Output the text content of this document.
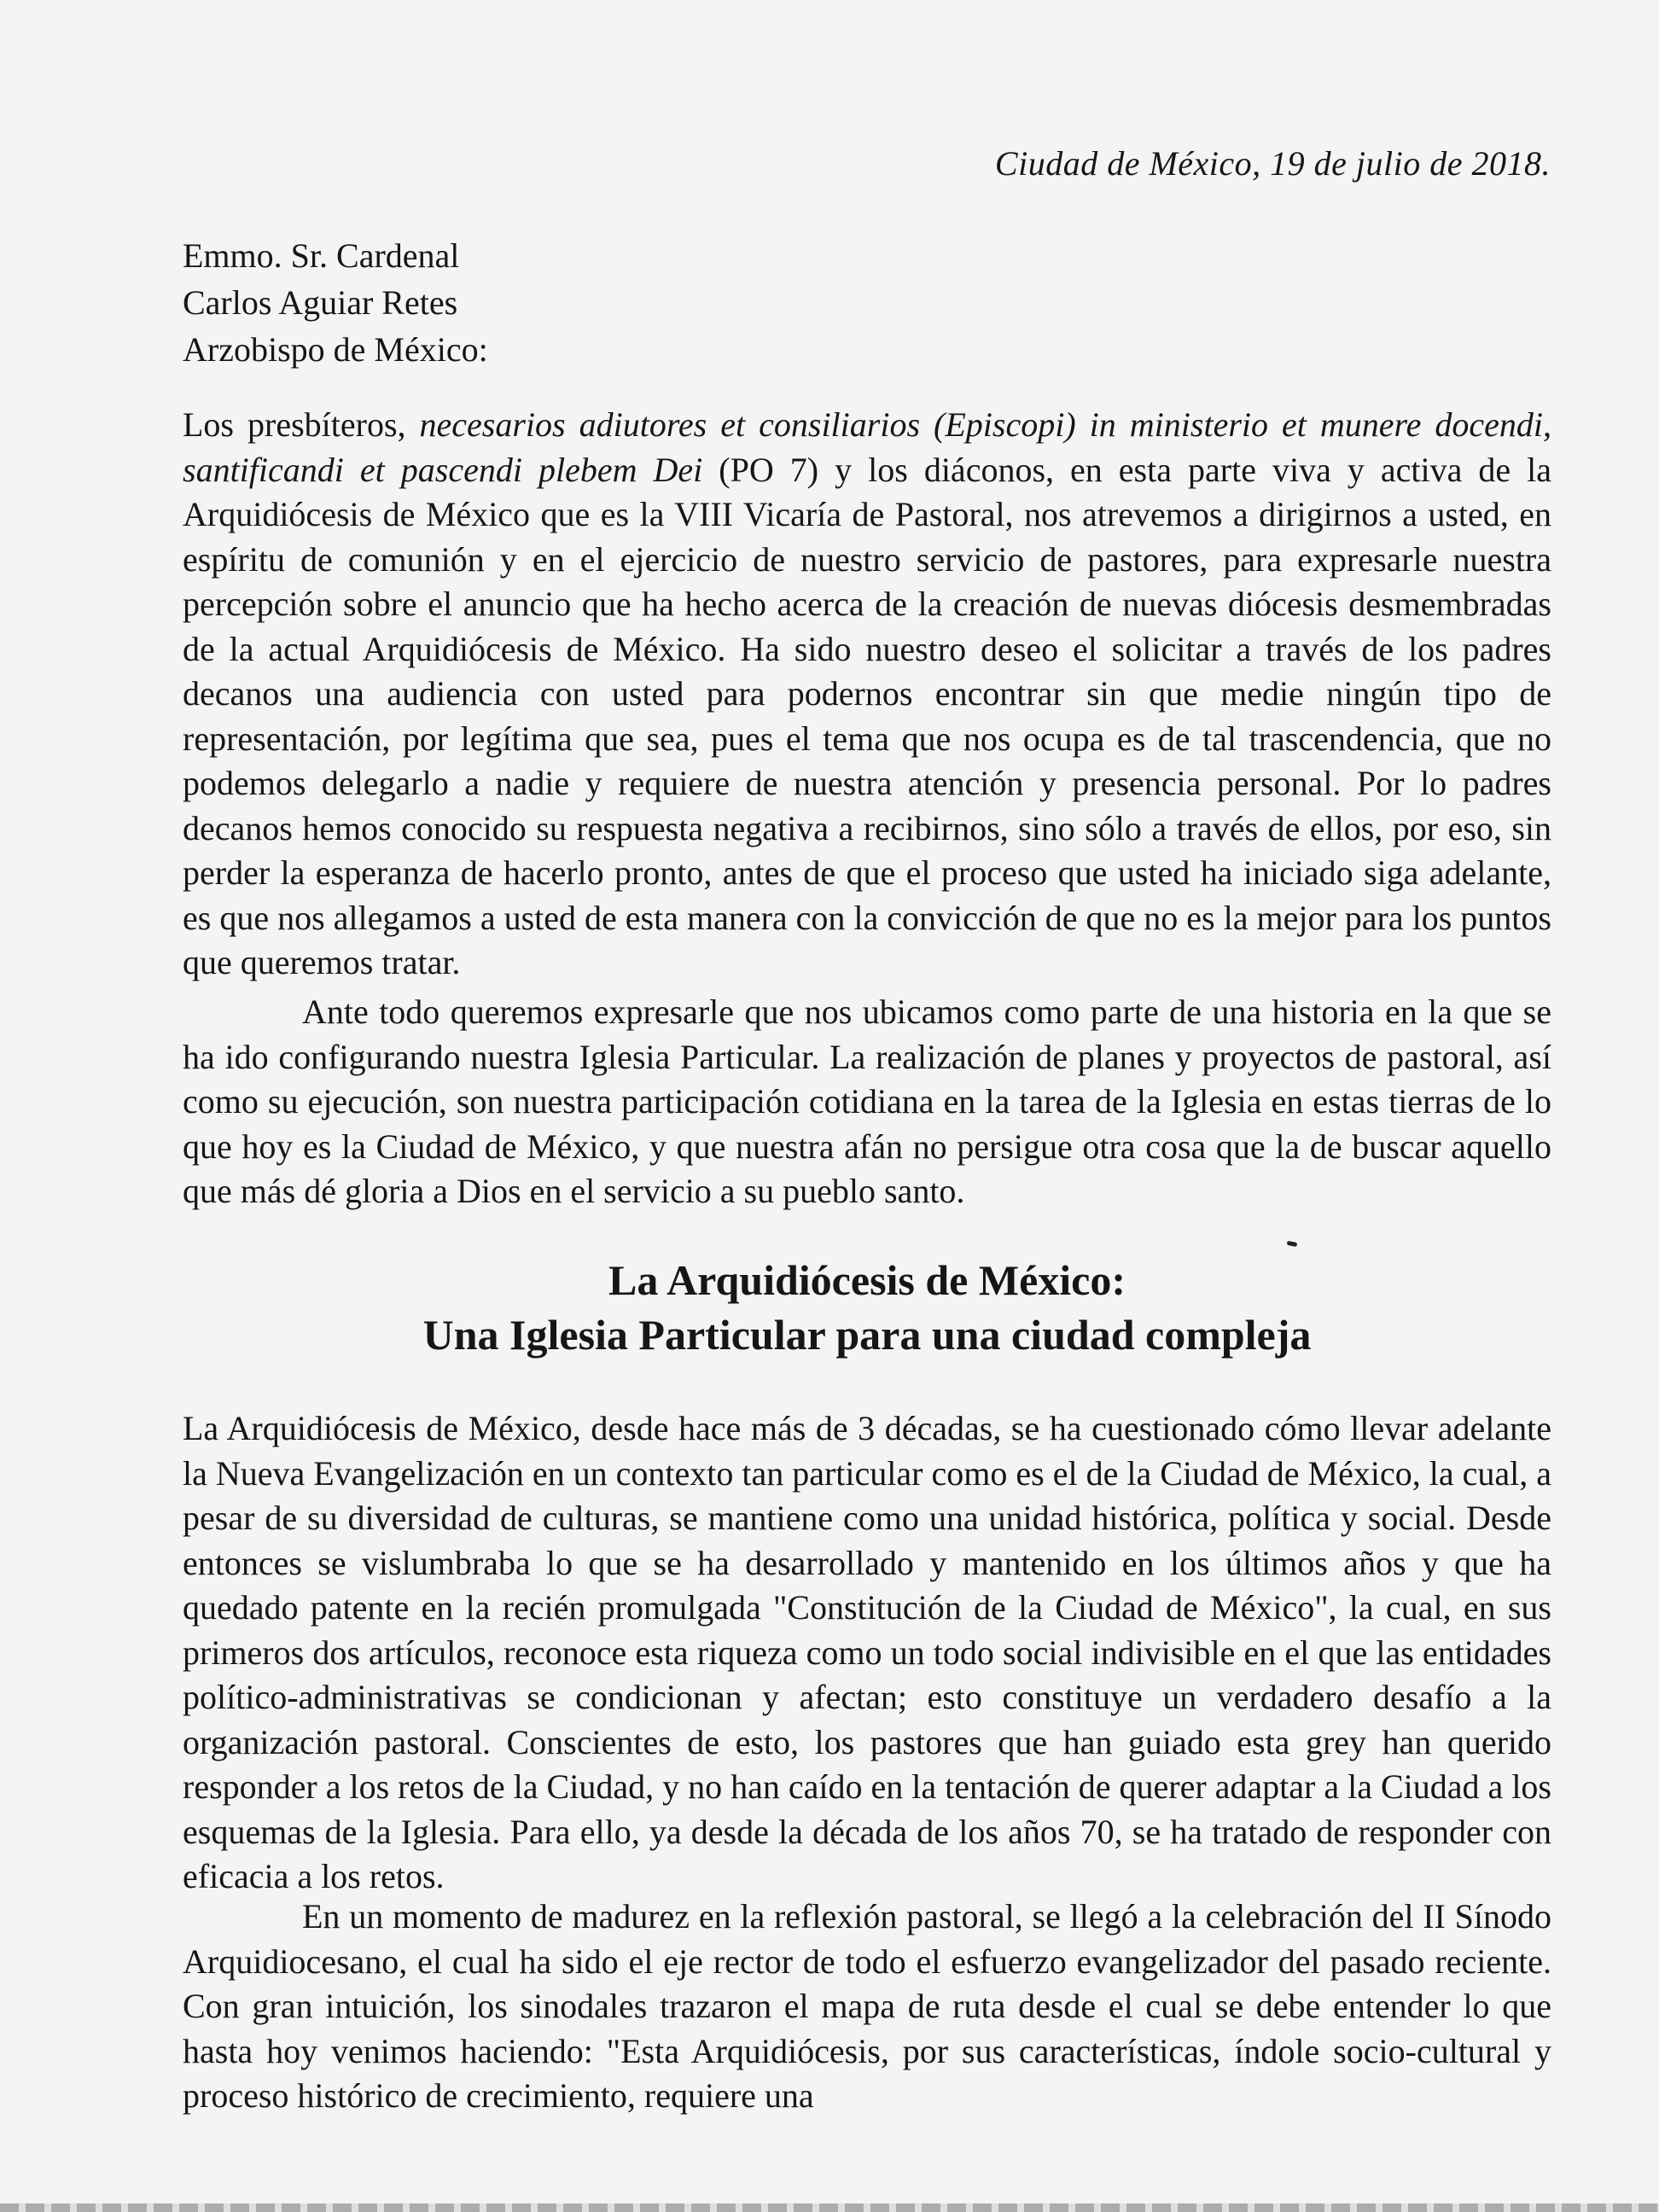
Ciudad de México, 19 de julio de 2018.
Emmo. Sr. Cardenal
Carlos Aguiar Retes
Arzobispo de México:

Los presbíteros, necesarios adiutores et consiliarios (Episcopi) in ministerio et munere docendi, santificandi et pascendi plebem Dei (PO 7) y los diáconos, en esta parte viva y activa de la Arquidiócesis de México que es la VIII Vicaría de Pastoral, nos atrevemos a dirigirnos a usted, en espíritu de comunión y en el ejercicio de nuestro servicio de pastores, para expresarle nuestra percepción sobre el anuncio que ha hecho acerca de la creación de nuevas diócesis desmembradas de la actual Arquidiócesis de México. Ha sido nuestro deseo el solicitar a través de los padres decanos una audiencia con usted para podernos encontrar sin que medie ningún tipo de representación, por legítima que sea, pues el tema que nos ocupa es de tal trascendencia, que no podemos delegarlo a nadie y requiere de nuestra atención y presencia personal. Por lo padres decanos hemos conocido su respuesta negativa a recibirnos, sino sólo a través de ellos, por eso, sin perder la esperanza de hacerlo pronto, antes de que el proceso que usted ha iniciado siga adelante, es que nos allegamos a usted de esta manera con la convicción de que no es la mejor para los puntos que queremos tratar.

Ante todo queremos expresarle que nos ubicamos como parte de una historia en la que se ha ido configurando nuestra Iglesia Particular. La realización de planes y proyectos de pastoral, así como su ejecución, son nuestra participación cotidiana en la tarea de la Iglesia en estas tierras de lo que hoy es la Ciudad de México, y que nuestra afán no persigue otra cosa que la de buscar aquello que más dé gloria a Dios en el servicio a su pueblo santo.

La Arquidiócesis de México:
Una Iglesia Particular para una ciudad compleja

La Arquidiócesis de México, desde hace más de 3 décadas, se ha cuestionado cómo llevar adelante la Nueva Evangelización en un contexto tan particular como es el de la Ciudad de México, la cual, a pesar de su diversidad de culturas, se mantiene como una unidad histórica, política y social. Desde entonces se vislumbraba lo que se ha desarrollado y mantenido en los últimos años y que ha quedado patente en la recién promulgada "Constitución de la Ciudad de México", la cual, en sus primeros dos artículos, reconoce esta riqueza como un todo social indivisible en el que las entidades político-administrativas se condicionan y afectan; esto constituye un verdadero desafío a la organización pastoral. Conscientes de esto, los pastores que han guiado esta grey han querido responder a los retos de la Ciudad, y no han caído en la tentación de querer adaptar a la Ciudad a los esquemas de la Iglesia. Para ello, ya desde la década de los años 70, se ha tratado de responder con eficacia a los retos.

En un momento de madurez en la reflexión pastoral, se llegó a la celebración del II Sínodo Arquidiocesano, el cual ha sido el eje rector de todo el esfuerzo evangelizador del pasado reciente. Con gran intuición, los sinodales trazaron el mapa de ruta desde el cual se debe entender lo que hasta hoy venimos haciendo: "Esta Arquidiócesis, por sus características, índole socio-cultural y proceso histórico de crecimiento, requiere una
